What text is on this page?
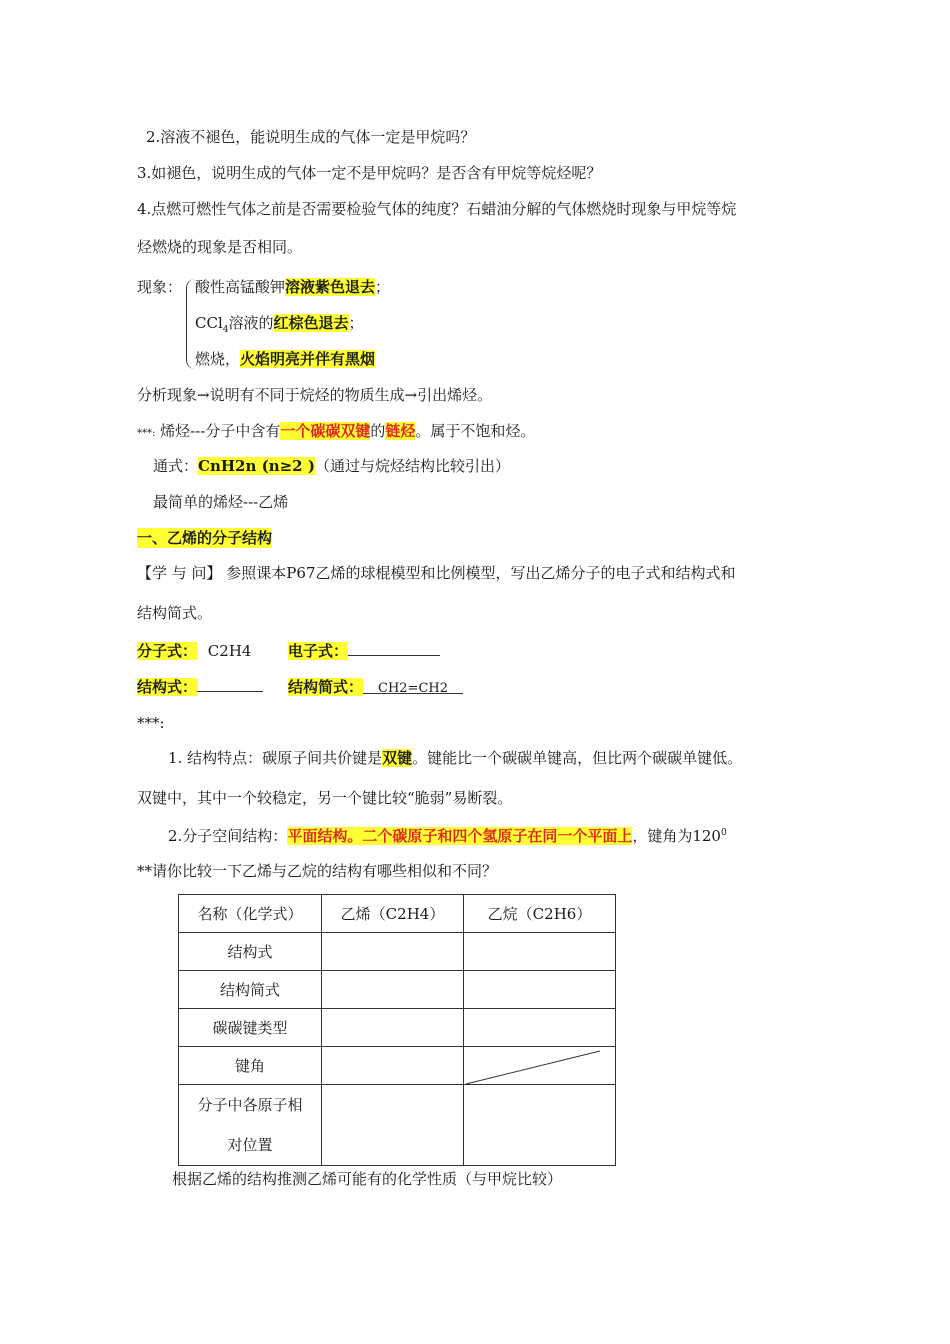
2.溶液不褪色，能说明生成的气体一定是甲烷吗？
3.如褪色，说明生成的气体一定不是甲烷吗？是否含有甲烷等烷烃呢？
4.点燃可燃性气体之前是否需要检验气体的纯度？石蜡油分解的气体燃烧时现象与甲烷等烷
烃燃烧的现象是否相同。
现象： 酸性高锰酸钾溶液紫色退去；
CCl$_4$溶液的红棕色退去；
燃烧，火焰明亮并伴有黑烟
分析现象→说明有不同于烷烃的物质生成→引出烯烃。
***: 烯烃---分子中含有一个碳碳双键的链烃。属于不饱和烃。
通式：CnH2n (n≥2 )（通过与烷烃结构比较引出）
最简单的烯烃---乙烯
一、乙烯的分子结构
【学 与 问】 参照课本P67乙烯的球棍模型和比例模型，写出乙烯分子的电子式和结构式和
结构简式。
分子式： C2H4 电子式：
结构式：	结构简式： CH2=CH2
***:
1. 结构特点：碳原子间共价键是双键。键能比一个碳碳单键高，但比两个碳碳单键低。
双键中，其中一个较稳定，另一个键比较“脆弱”易断裂。
2.分子空间结构：平面结构。二个碳原子和四个氢原子在同一个平面上，键角为$120^0$
**请你比较一下乙烯与乙烷的结构有哪些相似和不同？
名称（化学式）	乙烯（C2H4）	乙烷（C2H6）
结构式		
结构简式		
碳碳键类型		
键角		

分子中各原子相
对位置		

根据乙烯的结构推测乙烯可能有的化学性质（与甲烷比较）
